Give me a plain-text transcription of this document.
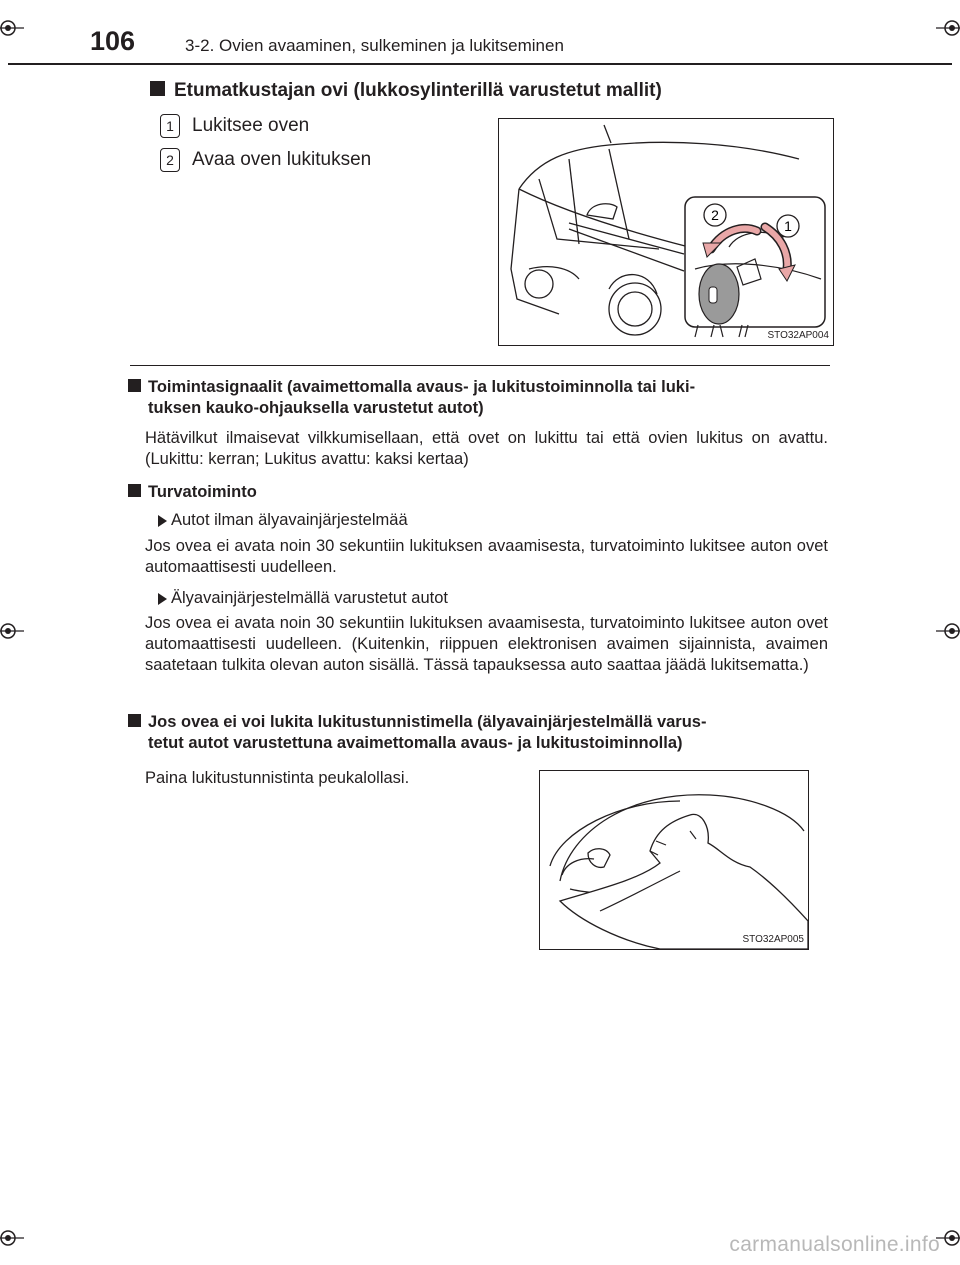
106	3-2. Ovien avaaminen, sulkeminen ja lukitseminen
Etumatkustajan ovi (lukkosylinterillä varustetut mallit)
1 Lukitsee oven
2 Avaa oven lukituksen
2
1
STO32AP004
Toimintasignaalit (avaimettomalla avaus- ja lukitustoiminnolla tai luki-
tuksen kauko-ohjauksella varustetut autot)
Hätävilkut ilmaisevat vilkkumisellaan, että ovet on lukittu tai että ovien lukitus on avattu. (Lukittu: kerran; Lukitus avattu: kaksi kertaa)
Turvatoiminto
Autot ilman älyavainjärjestelmää
Jos ovea ei avata noin 30 sekuntiin lukituksen avaamisesta, turvatoiminto lukitsee auton ovet automaattisesti uudelleen.
Älyavainjärjestelmällä varustetut autot
Jos ovea ei avata noin 30 sekuntiin lukituksen avaamisesta, turvatoiminto lukitsee auton ovet automaattisesti uudelleen. (Kuitenkin, riippuen elektronisen avaimen sijainnista, avaimen saatetaan tulkita olevan auton sisällä. Tässä tapauksessa auto saattaa jäädä lukitsematta.)
Jos ovea ei voi lukita lukitustunnistimella (älyavainjärjestelmällä varus-
tetut autot varustettuna avaimettomalla avaus- ja lukitustoiminnolla)
Paina lukitustunnistinta peukalollasi.
STO32AP005
carmanualsonline.info
